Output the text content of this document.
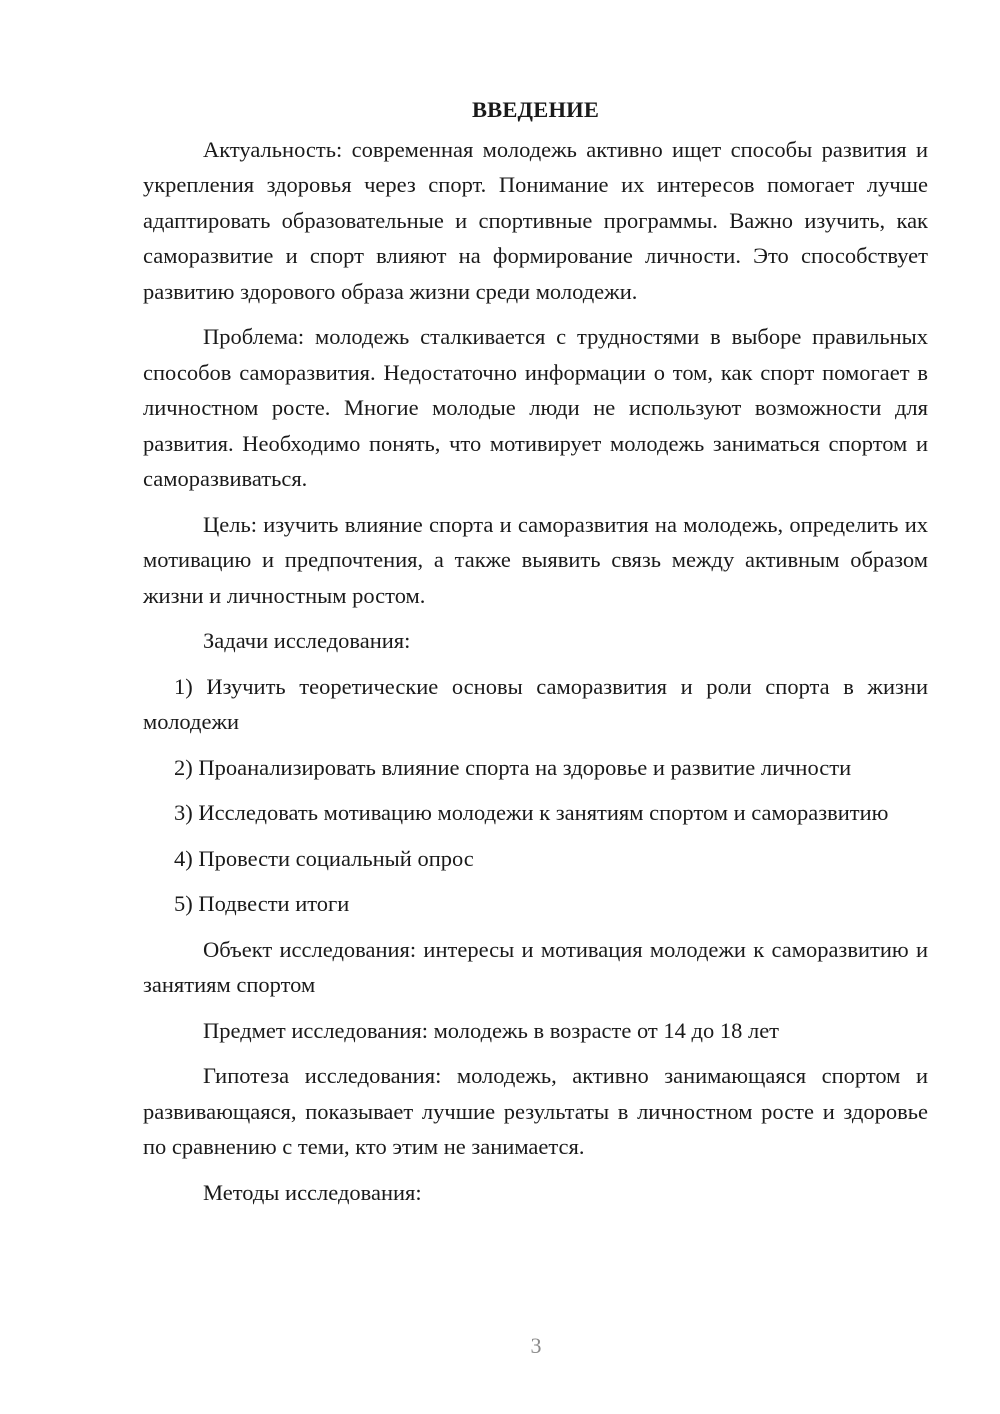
ВВЕДЕНИЕ

Актуальность: современная молодежь активно ищет способы развития и укрепления здоровья через спорт. Понимание их интересов помогает лучше адаптировать образовательные и спортивные программы. Важно изучить, как саморазвитие и спорт влияют на формирование личности. Это способствует развитию здорового образа жизни среди молодежи.

Проблема: молодежь сталкивается с трудностями в выборе правильных способов саморазвития. Недостаточно информации о том, как спорт помогает в личностном росте. Многие молодые люди не используют возможности для развития. Необходимо понять, что мотивирует молодежь заниматься спортом и саморазвиваться.

Цель: изучить влияние спорта и саморазвития на молодежь, определить их мотивацию и предпочтения, а также выявить связь между активным образом жизни и личностным ростом.

Задачи исследования:

1) Изучить теоретические основы саморазвития и роли спорта в жизни молодежи

2) Проанализировать влияние спорта на здоровье и развитие личности

3) Исследовать мотивацию молодежи к занятиям спортом и саморазвитию

4) Провести социальный опрос

5) Подвести итоги

Объект исследования: интересы и мотивация молодежи к саморазвитию и занятиям спортом

Предмет исследования: молодежь в возрасте от 14 до 18 лет

Гипотеза исследования: молодежь, активно занимающаяся спортом и развивающаяся, показывает лучшие результаты в личностном росте и здоровье по сравнению с теми, кто этим не занимается.

Методы исследования:

3
